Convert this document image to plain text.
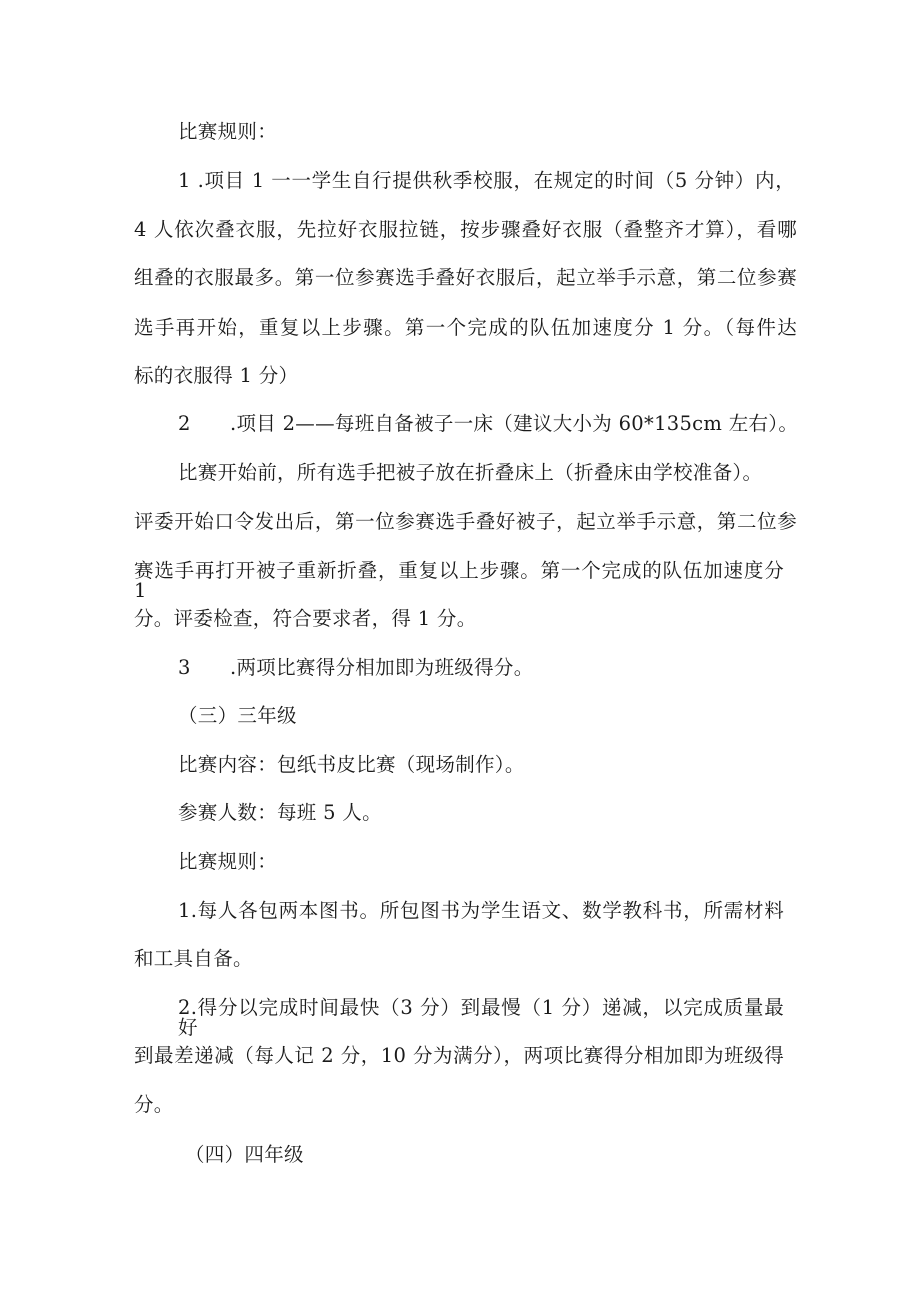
比赛规则：
1 .项目 1 一一学生自行提供秋季校服，在规定的时间（5 分钟）内，
4 人依次叠衣服，先拉好衣服拉链，按步骤叠好衣服（叠整齐才算），看哪
组叠的衣服最多。第一位参赛选手叠好衣服后，起立举手示意，第二位参赛
选手再开始，重复以上步骤。第一个完成的队伍加速度分 1 分。（每件达
标的衣服得 1 分）
2 .项目 2——每班自备被子一床（建议大小为 60*135cm 左右）。
比赛开始前，所有选手把被子放在折叠床上（折叠床由学校准备）。
评委开始口令发出后，第一位参赛选手叠好被子，起立举手示意，第二位参
赛选手再打开被子重新折叠，重复以上步骤。第一个完成的队伍加速度分 1
分。评委检查，符合要求者，得 1 分。
3 .两项比赛得分相加即为班级得分。
（三）三年级
比赛内容：包纸书皮比赛（现场制作）。
参赛人数：每班 5 人。
比赛规则：
1.每人各包两本图书。所包图书为学生语文、数学教科书，所需材料
和工具自备。
2.得分以完成时间最快（3 分）到最慢（1 分）递减，以完成质量最好
到最差递减（每人记 2 分，10 分为满分），两项比赛得分相加即为班级得
分。
（四）四年级
